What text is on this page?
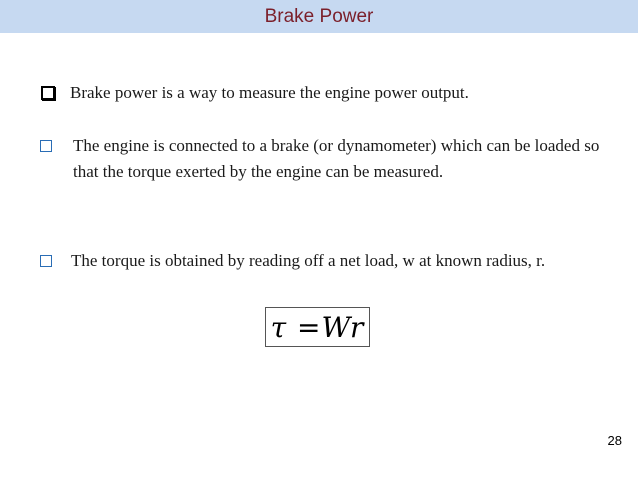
Brake Power
Brake power is a way to measure the engine power output.
The engine is connected to a brake (or dynamometer) which can be loaded so that the torque exerted by the engine can be measured.
The torque is obtained by reading off a net load, w at known radius, r.
τ =Wr
28
